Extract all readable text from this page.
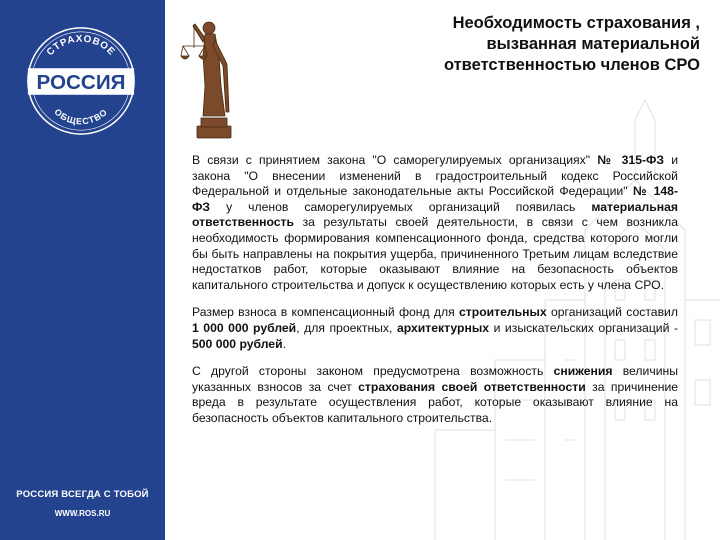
СТРАХОВОЕ
РОССИЯ
ОБЩЕСТВО
РОССИЯ ВСЕГДА С ТОБОЙ
WWW.ROS.RU
Необходимость страхования ,
вызванная материальной
ответственностью членов СРО

В связи с принятием закона "О саморегулируемых организациях" № 315-ФЗ и закона "О внесении изменений в градостроительный кодекс Российской Федеральной и отдельные законодательные акты Российской Федерации" № 148-ФЗ у членов саморегулируемых организаций появилась материальная ответственность за результаты своей деятельности, в связи с чем возникла необходимость формирования компенсационного фонда, средства которого могли бы быть направлены на покрытия ущерба, причиненного Третьим лицам вследствие недостатков работ, которые оказывают влияние на безопасность объектов капитального строительства и допуск к осуществлению которых есть у члена СРО.

Размер взноса в компенсационный фонд для строительных организаций составил 1 000 000 рублей, для проектных, архитектурных и изыскательских организаций - 500 000 рублей.

С другой стороны законом предусмотрена возможность снижения величины указанных взносов за счет страхования своей ответственности за причинение вреда в результате осуществления работ, которые оказывают влияние на безопасность объектов капитального строительства.
